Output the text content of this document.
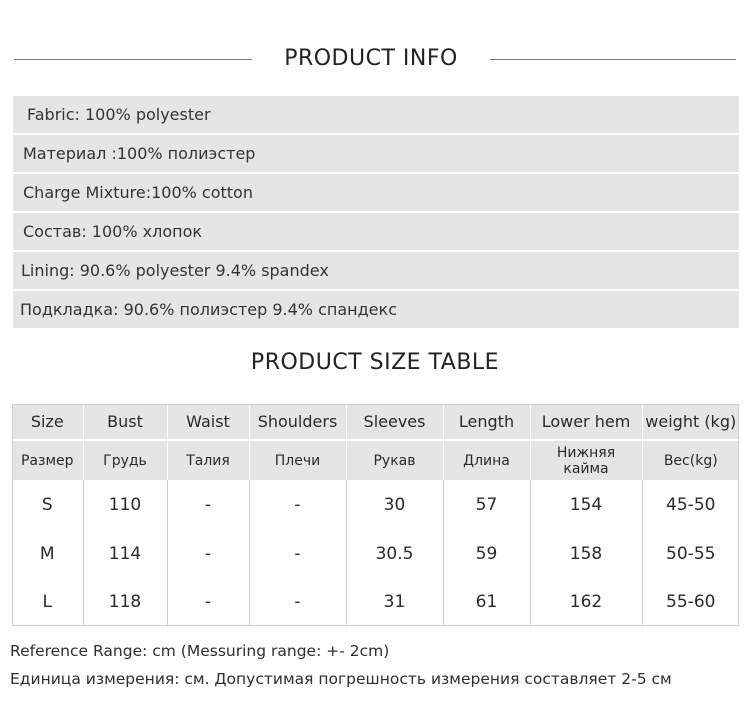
PRODUCT INFO
Fabric: 100% polyester
Материал :100% полиэстер
Charge Mixture:100% cotton
Состав: 100% хлопок
Lining: 90.6% polyester 9.4% spandex
Подкладка: 90.6% полиэстер 9.4% спандекс
PRODUCT SIZE TABLE
Size	Bust	Waist	Shoulders	Sleeves	Length	Lower hem	weight (kg)
Размер	Грудь	Талия	Плечи	Рукав	Длина	Нижняя кайма	Вес(kg)
S	110	-	-	30	57	154	45-50
M	114	-	-	30.5	59	158	50-55
L	118	-	-	31	61	162	55-60
Reference Range: cm (Messuring range: +- 2cm)
Единица измерения: см. Допустимая погрешность измерения составляет 2-5 см
